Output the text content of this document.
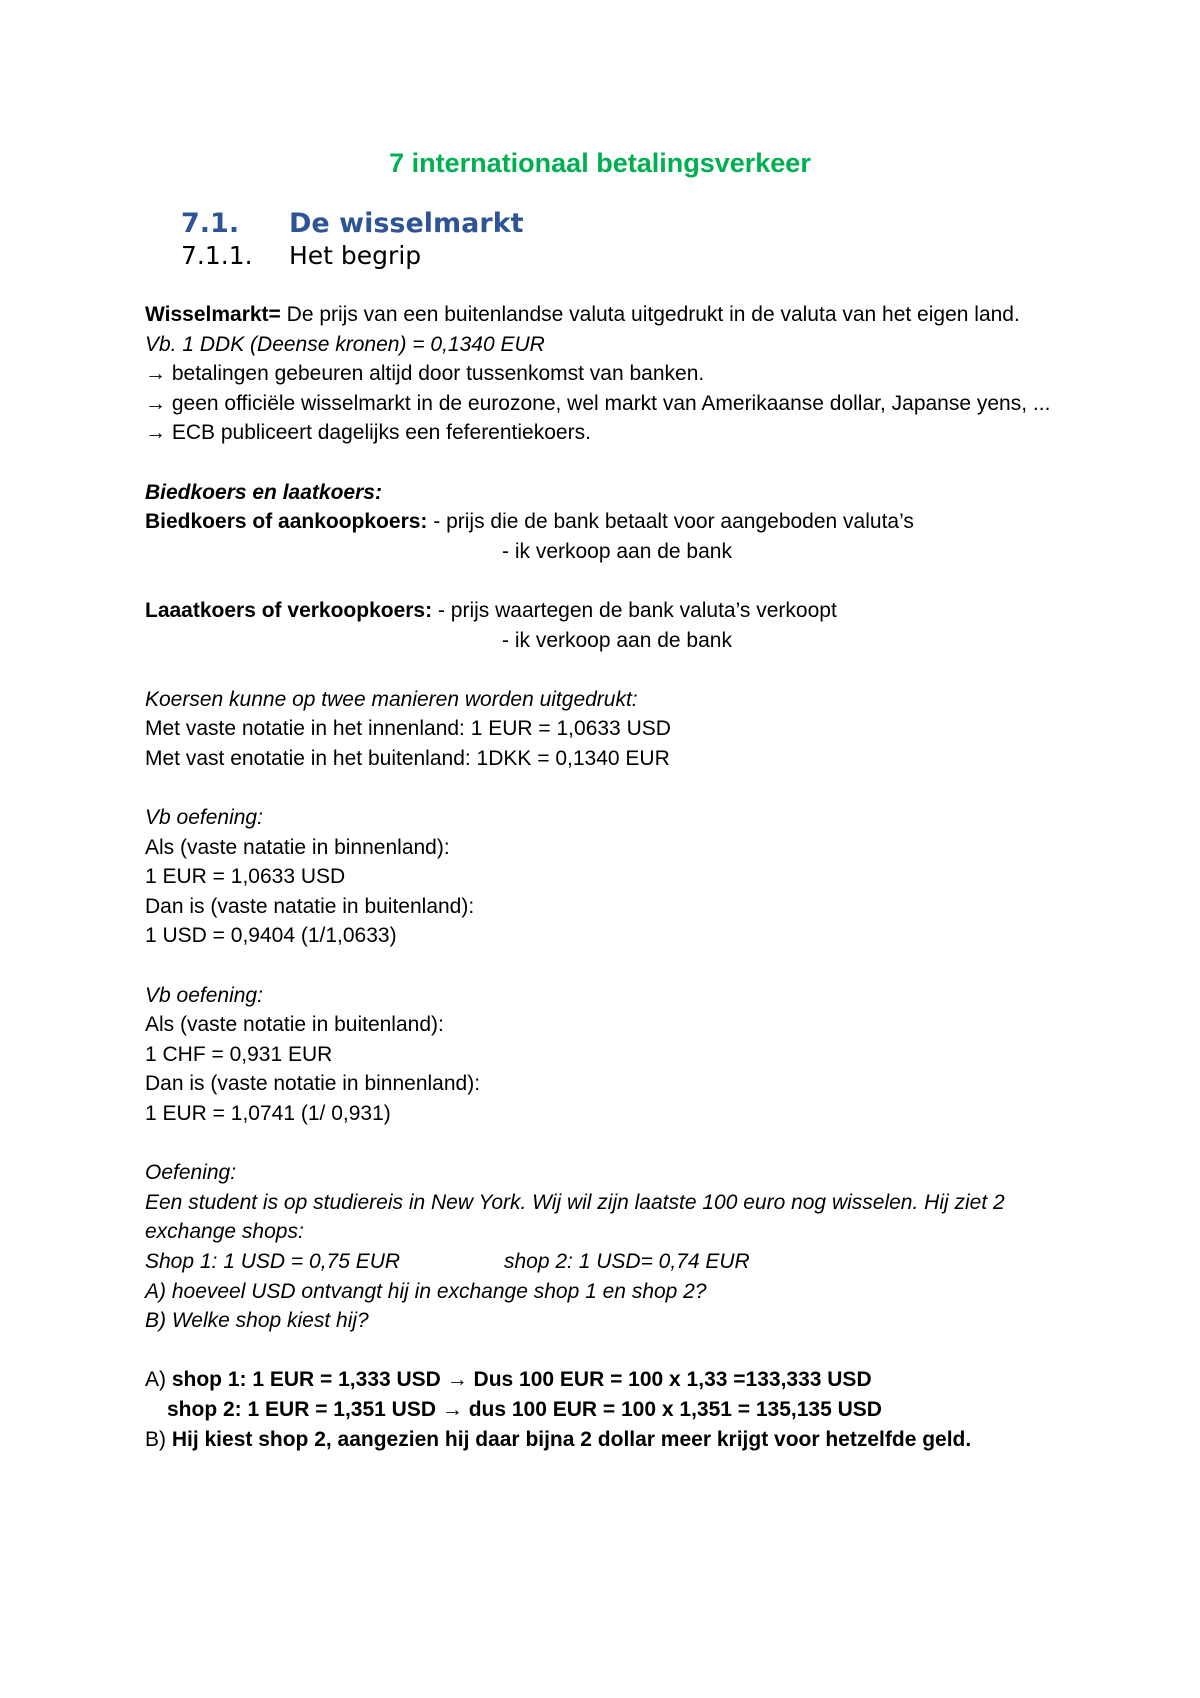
7 internationaal betalingsverkeer
7.1. De wisselmarkt
7.1.1. Het begrip

Wisselmarkt= De prijs van een buitenlandse valuta uitgedrukt in de valuta van het eigen land.

Vb. 1 DDK (Deense kronen) = 0,1340 EUR

→ betalingen gebeuren altijd door tussenkomst van banken.

→ geen officiële wisselmarkt in de eurozone, wel markt van Amerikaanse dollar, Japanse yens, ...

→ ECB publiceert dagelijks een feferentiekoers.

Biedkoers en laatkoers:

Biedkoers of aankoopkoers: - prijs die de bank betaalt voor aangeboden valuta’s

- ik verkoop aan de bank

Laaatkoers of verkoopkoers: - prijs waartegen de bank valuta’s verkoopt

- ik verkoop aan de bank

Koersen kunne op twee manieren worden uitgedrukt:

Met vaste notatie in het innenland: 1 EUR = 1,0633 USD

Met vast enotatie in het buitenland: 1DKK = 0,1340 EUR

Vb oefening:

Als (vaste natatie in binnenland):

1 EUR = 1,0633 USD

Dan is (vaste natatie in buitenland):

1 USD = 0,9404 (1/1,0633)

Vb oefening:

Als (vaste notatie in buitenland):

1 CHF = 0,931 EUR

Dan is (vaste notatie in binnenland):

1 EUR = 1,0741 (1/ 0,931)

Oefening:

Een student is op studiereis in New York. Wij wil zijn laatste 100 euro nog wisselen. Hij ziet 2 exchange shops:

Shop 1: 1 USD = 0,75 EUR	shop 2: 1 USD= 0,74 EUR

A) hoeveel USD ontvangt hij in exchange shop 1 en shop 2?

B) Welke shop kiest hij?

A) shop 1: 1 EUR = 1,333 USD → Dus 100 EUR = 100 x 1,33 =133,333 USD

shop 2: 1 EUR = 1,351 USD → dus 100 EUR = 100 x 1,351 = 135,135 USD

B) Hij kiest shop 2, aangezien hij daar bijna 2 dollar meer krijgt voor hetzelfde geld.
